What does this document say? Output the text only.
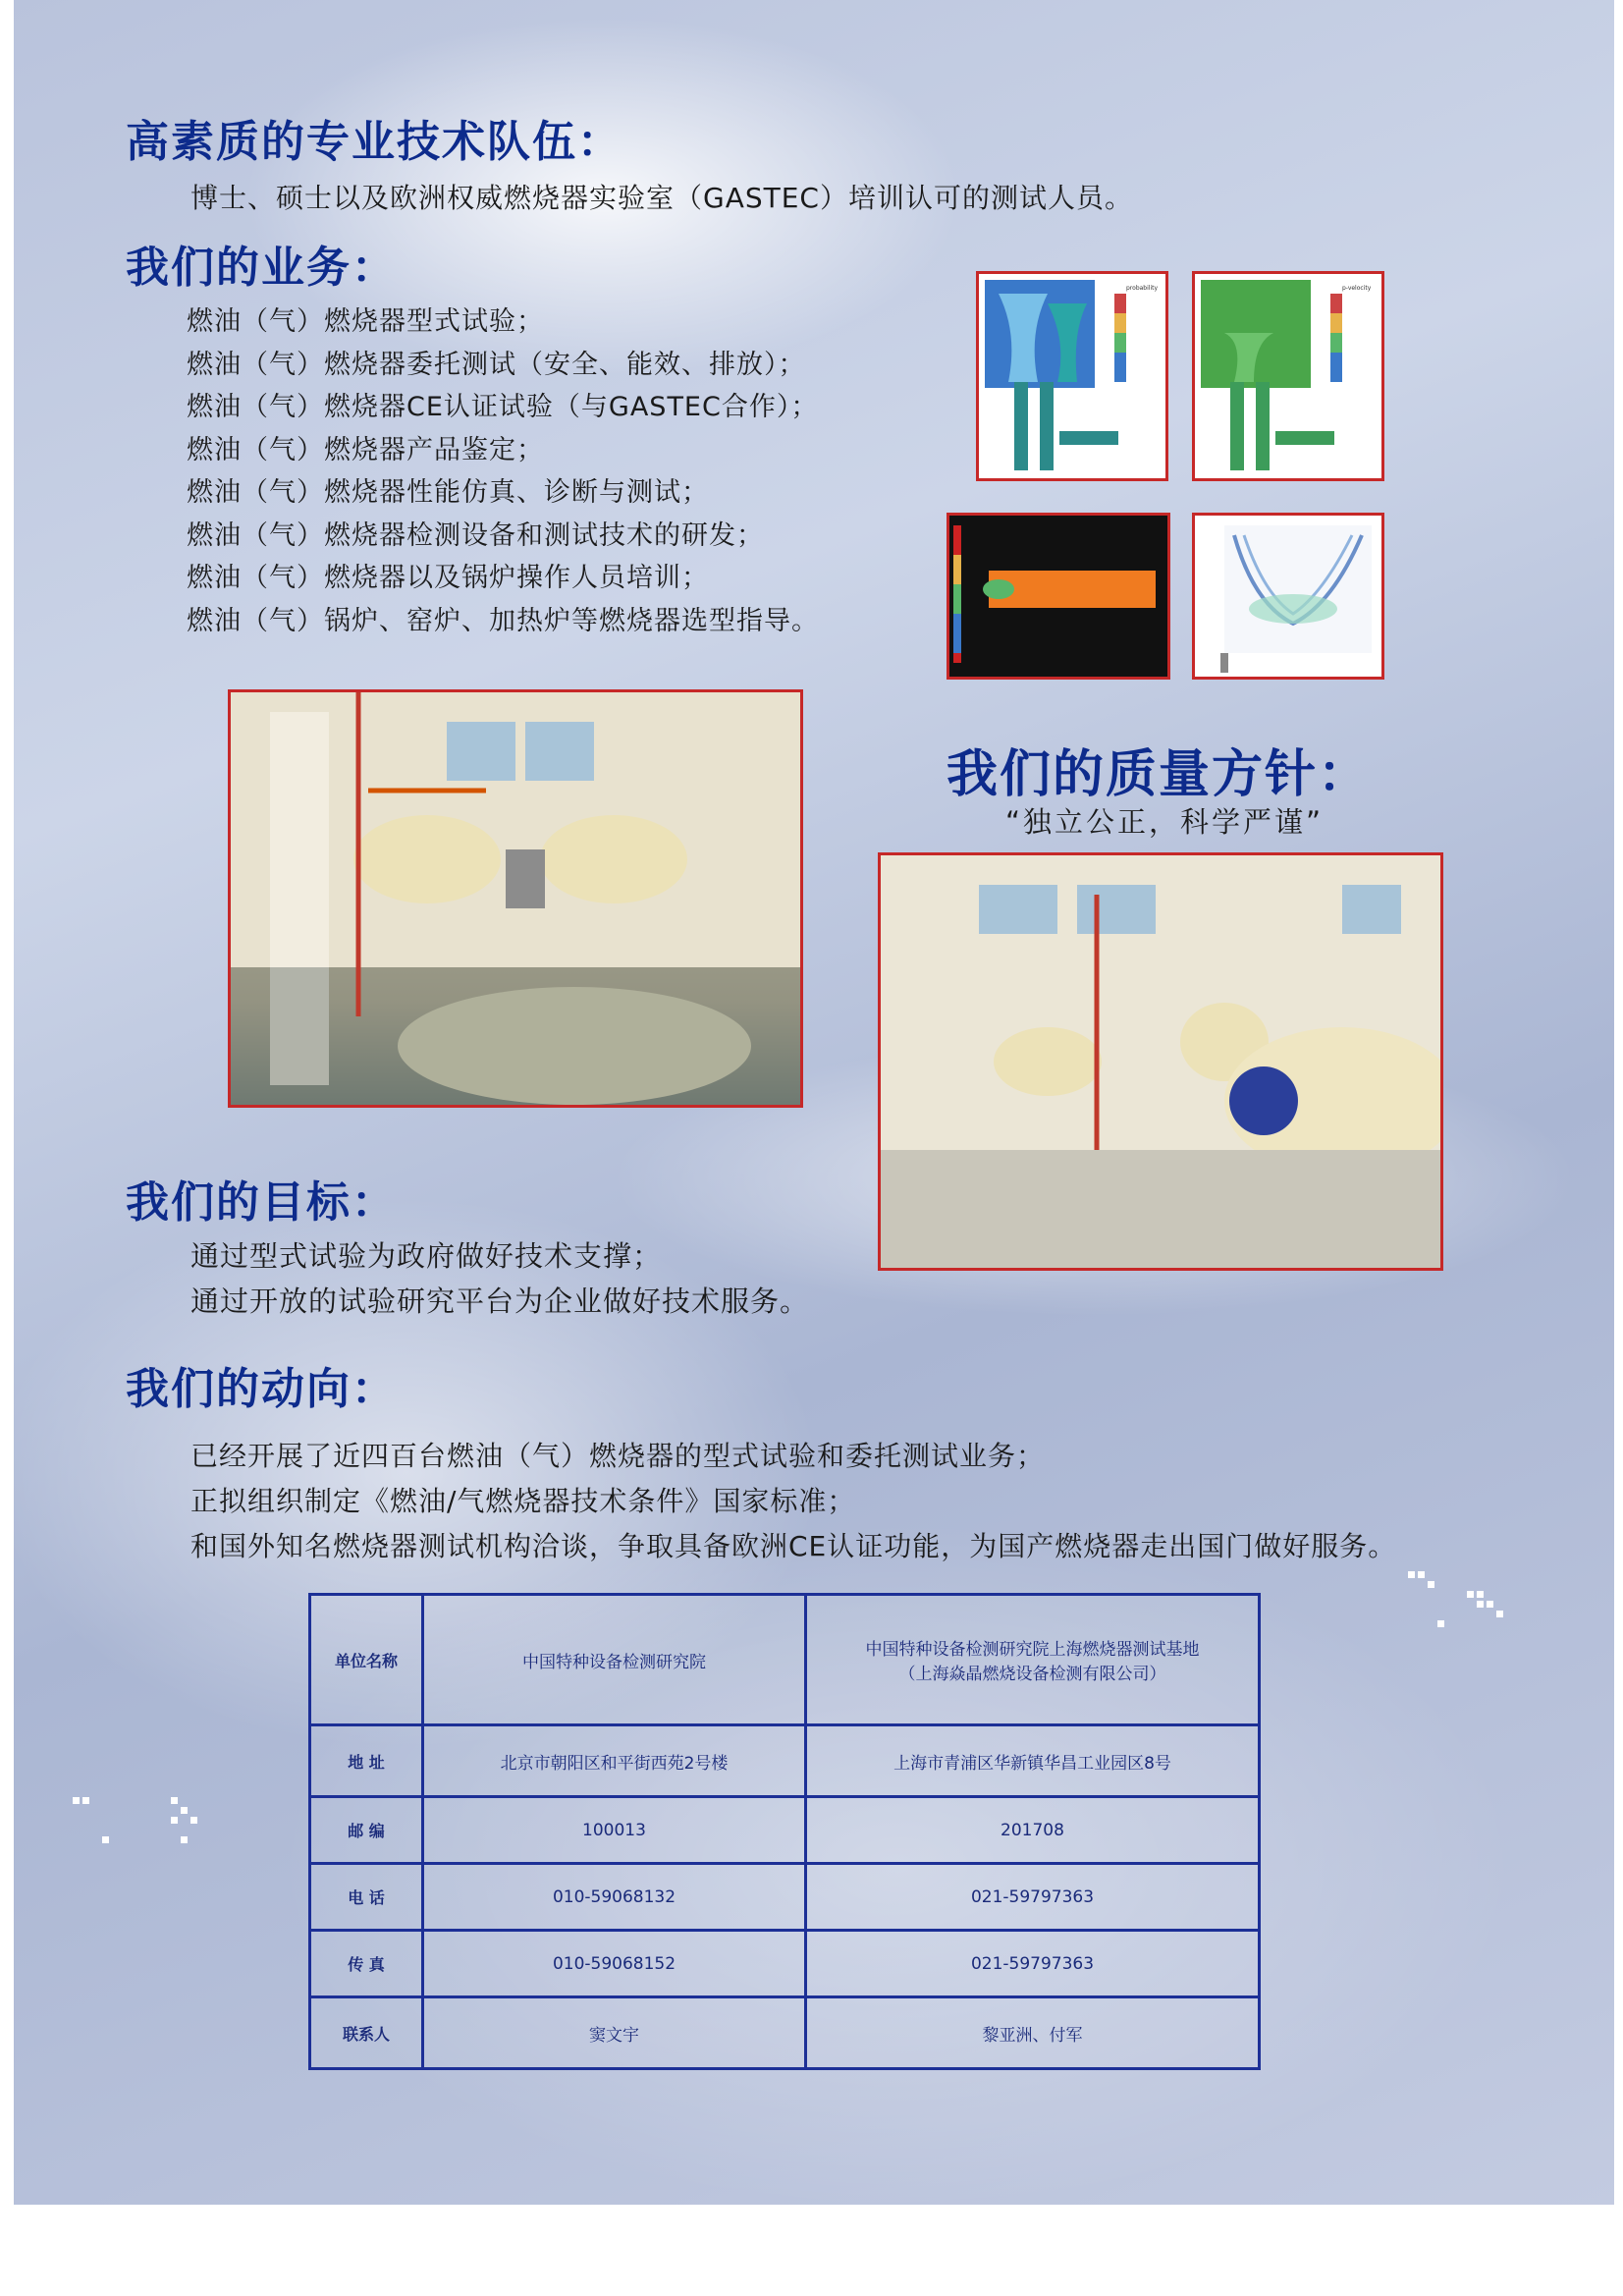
高素质的专业技术队伍：

博士、硕士以及欧洲权威燃烧器实验室（GASTEC）培训认可的测试人员。

我们的业务：
燃油（气）燃烧器型式试验；
燃油（气）燃烧器委托测试（安全、能效、排放）；
燃油（气）燃烧器CE认证试验（与GASTEC合作）；
燃油（气）燃烧器产品鉴定；
燃油（气）燃烧器性能仿真、诊断与测试；
燃油（气）燃烧器检测设备和测试技术的研发；
燃油（气）燃烧器以及锅炉操作人员培训；
燃油（气）锅炉、窑炉、加热炉等燃烧器选型指导。
probability	p-velocity
我们的质量方针：
“独立公正，科学严谨”
我们的目标：
通过型式试验为政府做好技术支撑；
通过开放的试验研究平台为企业做好技术服务。
我们的动向：
已经开展了近四百台燃油（气）燃烧器的型式试验和委托测试业务；
正拟组织制定《燃油/气燃烧器技术条件》国家标准；
和国外知名燃烧器测试机构洽谈，争取具备欧洲CE认证功能，为国产燃烧器走出国门做好服务。
单位名称	中国特种设备检测研究院	中国特种设备检测研究院上海燃烧器测试基地
（上海焱晶燃烧设备检测有限公司）

地 址	北京市朝阳区和平街西苑2号楼	上海市青浦区华新镇华昌工业园区8号
邮 编	100013	201708
电 话	010-59068132	021-59797363
传 真	010-59068152	021-59797363
联系人	窦文宇	黎亚洲、付军
